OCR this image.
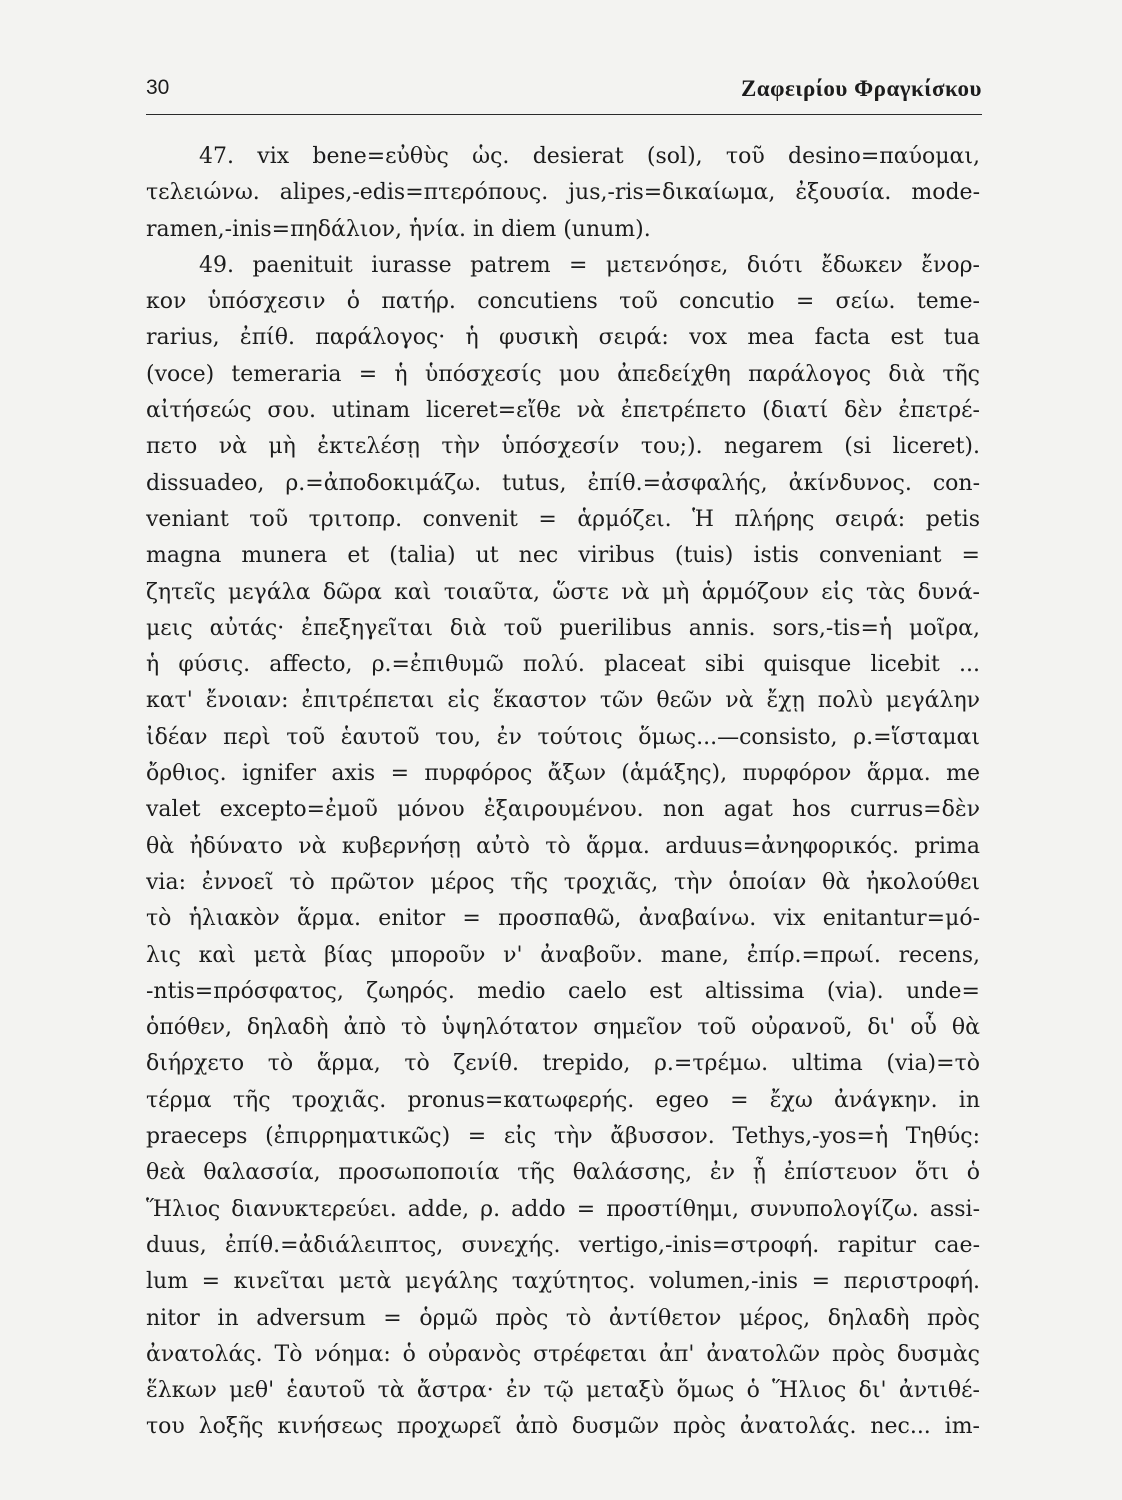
30	Ζαφειρίου Φραγκίσκου
47. vix bene=εὐθὺς ὡς. desierat (sol), τοῦ desino=παύομαι,
τελειώνω. alipes,-edis=πτερόπους. jus,-ris=δικαίωμα, ἐξουσία. mode-
ramen,-inis=πηδάλιον, ἡνία. in diem (unum).
49. paenituit iurasse patrem = μετενόησε, διότι ἔδωκεν ἔνορ-
κον ὑπόσχεσιν ὁ πατήρ. concutiens τοῦ concutio = σείω. teme-
rarius, ἐπίθ. παράλογος· ἡ φυσικὴ σειρά: vox mea facta est tua
(voce) temeraria = ἡ ὑπόσχεσίς μου ἀπεδείχθη παράλογος διὰ τῆς
αἰτήσεώς σου. utinam liceret=εἴθε νὰ ἐπετρέπετο (διατί δὲν ἐπετρέ-
πετο νὰ μὴ ἐκτελέσῃ τὴν ὑπόσχεσίν του;). negarem (si liceret).
dissuadeo, ρ.=ἀποδοκιμάζω. tutus, ἐπίθ.=ἀσφαλής, ἀκίνδυνος. con-
veniant τοῦ τριτοπρ. convenit = ἁρμόζει. Ἡ πλήρης σειρά: petis
magna munera et (talia) ut nec viribus (tuis) istis conveniant =
ζητεῖς μεγάλα δῶρα καὶ τοιαῦτα, ὥστε νὰ μὴ ἁρμόζουν εἰς τὰς δυνά-
μεις αὐτάς· ἐπεξηγεῖται διὰ τοῦ puerilibus annis. sors,-tis=ἡ μοῖρα,
ἡ φύσις. affecto, ρ.=ἐπιθυμῶ πολύ. placeat sibi quisque licebit ...
κατ' ἔνοιαν: ἐπιτρέπεται εἰς ἕκαστον τῶν θεῶν νὰ ἔχῃ πολὺ μεγάλην
ἰδέαν περὶ τοῦ ἑαυτοῦ του, ἐν τούτοις ὅμως...—consisto, ρ.=ἵσταμαι
ὄρθιος. ignifer axis = πυρφόρος ἄξων (ἁμάξης), πυρφόρον ἅρμα. me
valet excepto=ἐμοῦ μόνου ἐξαιρουμένου. non agat hos currus=δὲν
θὰ ἠδύνατο νὰ κυβερνήσῃ αὐτὸ τὸ ἅρμα. arduus=ἀνηφορικός. prima
via: ἐννοεῖ τὸ πρῶτον μέρος τῆς τροχιᾶς, τὴν ὁποίαν θὰ ἠκολούθει
τὸ ἡλιακὸν ἅρμα. enitor = προσπαθῶ, ἀναβαίνω. vix enitantur=μό-
λις καὶ μετὰ βίας μποροῦν ν' ἀναβοῦν. mane, ἐπίρ.=πρωί. recens,
-ntis=πρόσφατος, ζωηρός. medio caelo est altissima (via). unde=
ὁπόθεν, δηλαδὴ ἀπὸ τὸ ὑψηλότατον σημεῖον τοῦ οὐρανοῦ, δι' οὗ θὰ
διήρχετο τὸ ἅρμα, τὸ ζενίθ. trepido, ρ.=τρέμω. ultima (via)=τὸ
τέρμα τῆς τροχιᾶς. pronus=κατωφερής. egeo = ἔχω ἀνάγκην. in
praeceps (ἐπιρρηματικῶς) = εἰς τὴν ἄβυσσον. Tethys,-yos=ἡ Τηθύς:
θεὰ θαλασσία, προσωποποιία τῆς θαλάσσης, ἐν ᾗ ἐπίστευον ὅτι ὁ
Ἥλιος διανυκτερεύει. adde, ρ. addo = προστίθημι, συνυπολογίζω. assi-
duus, ἐπίθ.=ἀδιάλειπτος, συνεχής. vertigo,-inis=στροφή. rapitur cae-
lum = κινεῖται μετὰ μεγάλης ταχύτητος. volumen,-inis = περιστροφή.
nitor in adversum = ὁρμῶ πρὸς τὸ ἀντίθετον μέρος, δηλαδὴ πρὸς
ἀνατολάς. Τὸ νόημα: ὁ οὐρανὸς στρέφεται ἀπ' ἀνατολῶν πρὸς δυσμὰς
ἕλκων μεθ' ἑαυτοῦ τὰ ἄστρα· ἐν τῷ μεταξὺ ὅμως ὁ Ἥλιος δι' ἀντιθέ-
του λοξῆς κινήσεως προχωρεῖ ἀπὸ δυσμῶν πρὸς ἀνατολάς. nec... im-
